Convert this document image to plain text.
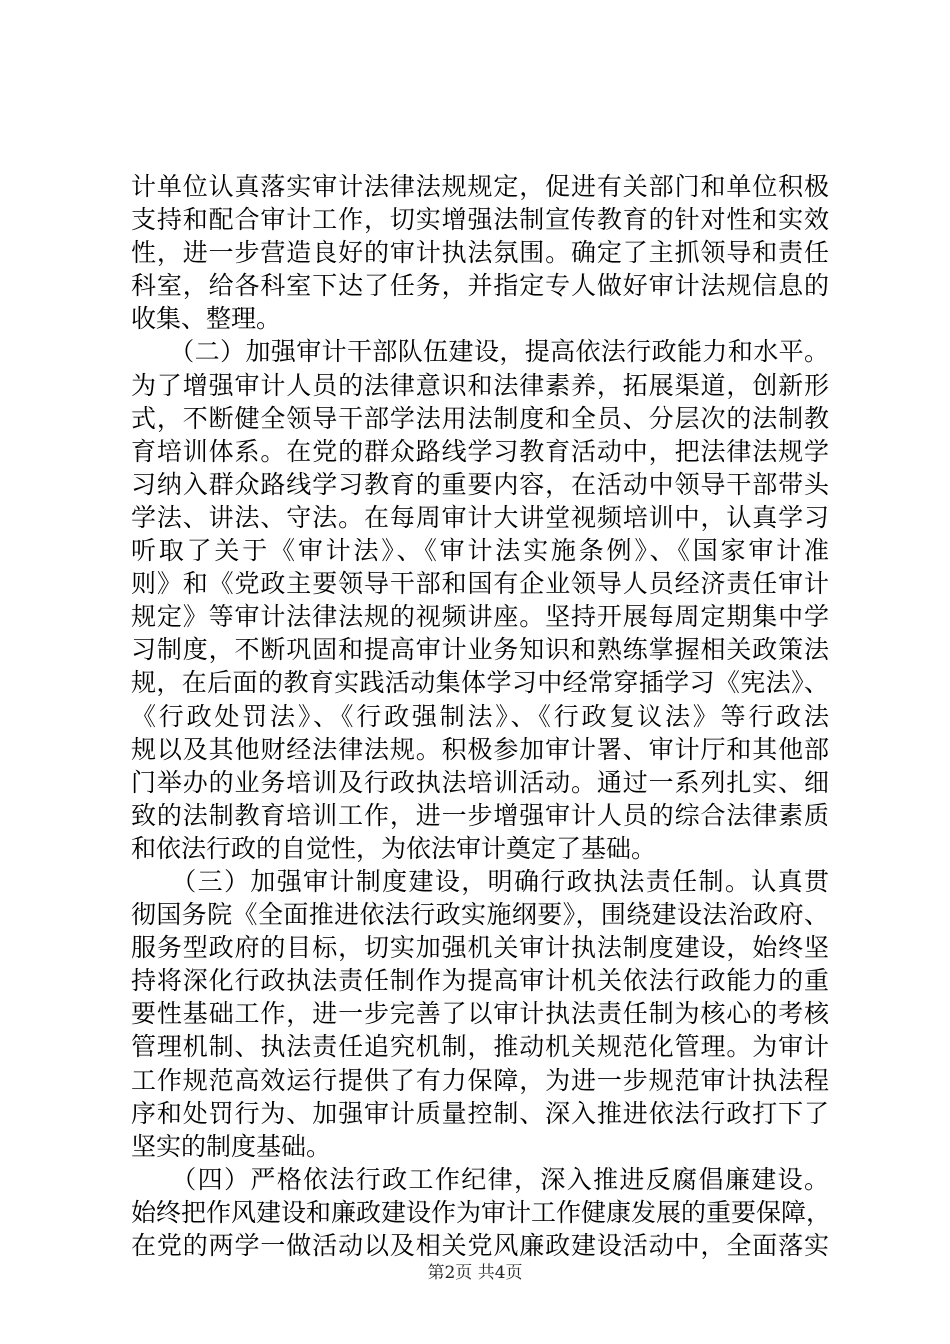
计单位认真落实审计法律法规规定，促进有关部门和单位积极
支持和配合审计工作，切实增强法制宣传教育的针对性和实效
性，进一步营造良好的审计执法氛围。确定了主抓领导和责任
科室，给各科室下达了任务，并指定专人做好审计法规信息的
收集、整理。
　　（二）加强审计干部队伍建设，提高依法行政能力和水平。
为了增强审计人员的法律意识和法律素养，拓展渠道，创新形
式，不断健全领导干部学法用法制度和全员、分层次的法制教
育培训体系。在党的群众路线学习教育活动中，把法律法规学
习纳入群众路线学习教育的重要内容，在活动中领导干部带头
学法、讲法、守法。在每周审计大讲堂视频培训中，认真学习
听取了关于《审计法》、《审计法实施条例》、《国家审计准
则》和《党政主要领导干部和国有企业领导人员经济责任审计
规定》等审计法律法规的视频讲座。坚持开展每周定期集中学
习制度，不断巩固和提高审计业务知识和熟练掌握相关政策法
规，在后面的教育实践活动集体学习中经常穿插学习《宪法》、
《行政处罚法》、《行政强制法》、《行政复议法》等行政法
规以及其他财经法律法规。积极参加审计署、审计厅和其他部
门举办的业务培训及行政执法培训活动。通过一系列扎实、细
致的法制教育培训工作，进一步增强审计人员的综合法律素质
和依法行政的自觉性，为依法审计奠定了基础。
　　（三）加强审计制度建设，明确行政执法责任制。认真贯
彻国务院《全面推进依法行政实施纲要》，围绕建设法治政府、
服务型政府的目标，切实加强机关审计执法制度建设，始终坚
持将深化行政执法责任制作为提高审计机关依法行政能力的重
要性基础工作，进一步完善了以审计执法责任制为核心的考核
管理机制、执法责任追究机制，推动机关规范化管理。为审计
工作规范高效运行提供了有力保障，为进一步规范审计执法程
序和处罚行为、加强审计质量控制、深入推进依法行政打下了
坚实的制度基础。
　　（四）严格依法行政工作纪律，深入推进反腐倡廉建设。
始终把作风建设和廉政建设作为审计工作健康发展的重要保障，
在党的两学一做活动以及相关党风廉政建设活动中，全面落实
第2页 共4页
